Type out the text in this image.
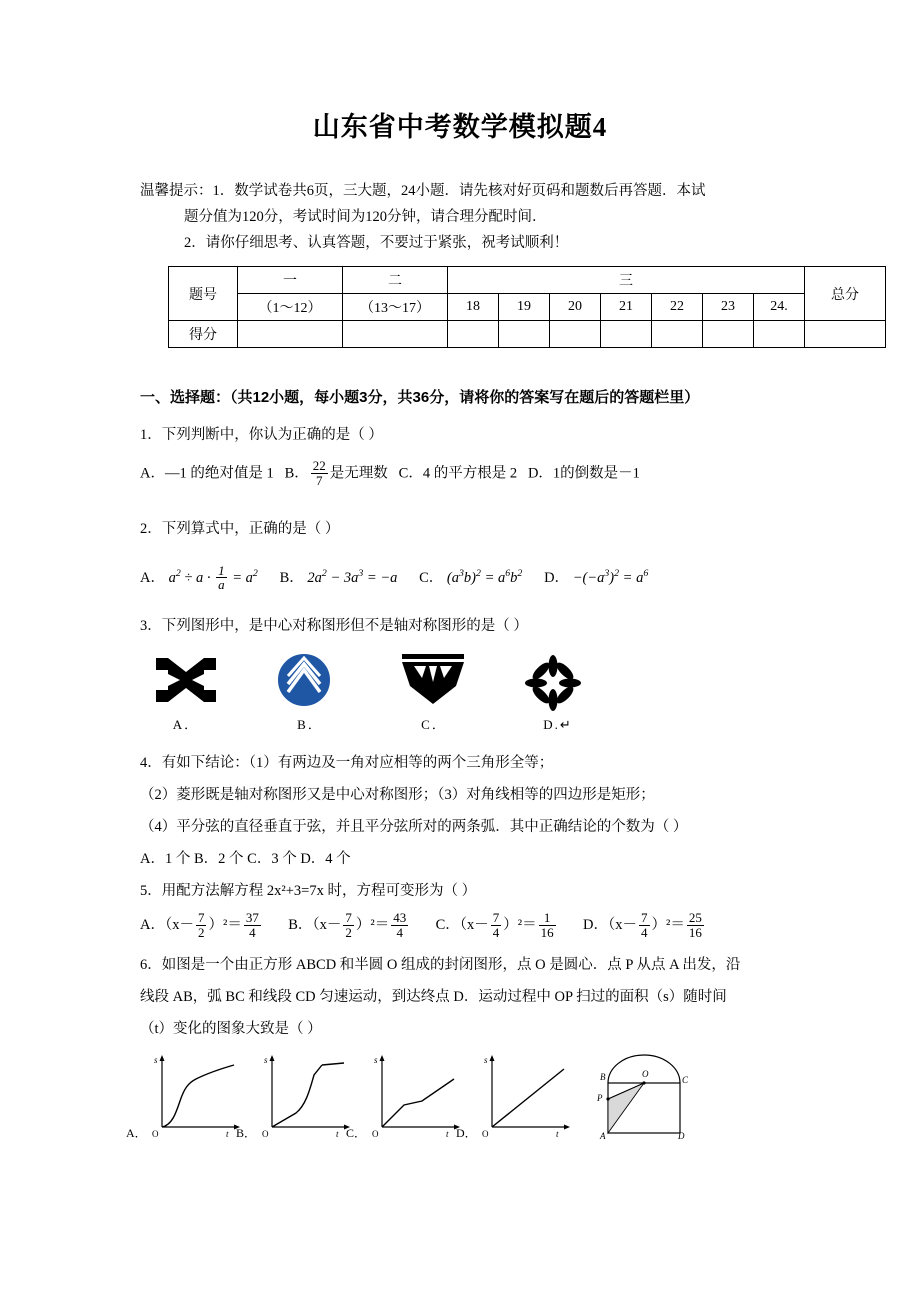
山东省中考数学模拟题4
温馨提示：1．数学试卷共6页，三大题，24小题．请先核对好页码和题数后再答题．本试
题分值为120分，考试时间为120分钟，请合理分配时间．
2．请你仔细思考、认真答题，不要过于紧张，祝考试顺利！
题号	一	二	三							总分
	（1～12）	（13～17）	18	19	20	21	22	23	24.	
得分										
一、选择题：（共12小题，每小题3分，共36分，请将你的答案写在题后的答题栏里）
1．下列判断中，你认为正确的是（ ）
A．—1 的绝对值是 1 B． $\frac{22}{7}$ 是无理数 C．4 的平方根是 2 D．1的倒数是－1
2．下列算式中，正确的是（ ）
A． $a^2 \div a \cdot \frac{1}{a} = a^2$ B． $2a^2 - 3a^3 = -a$ C． $(a^3b)^2 = a^6b^2$ D． $-(-a^3)^2 = a^6$
3．下列图形中，是中心对称图形但不是轴对称图形的是（ ）
A．	B．	C．	D.↵
4．有如下结论：（1）有两边及一角对应相等的两个三角形全等；
（2）菱形既是轴对称图形又是中心对称图形；（3）对角线相等的四边形是矩形；
（4）平分弦的直径垂直于弦，并且平分弦所对的两条弧．其中正确结论的个数为（ ）
A．1 个 B．2 个 C．3 个 D．4 个
5．用配方法解方程 2x²+3=7x 时，方程可变形为（ ）
A．$(x- \frac{7}{2} )^2= \frac{37}{4}$ B．$(x- \frac{7}{2} )^2= \frac{43}{4}$ C．$(x- \frac{7}{4} )^2= \frac{1}{16}$ D．$(x- \frac{7}{4} )^2= \frac{25}{16}$
6．如图是一个由正方形 ABCD 和半圆 O 组成的封闭图形，点 O 是圆心．点 P 从点 A 出发，沿
线段 AB，弧 BC 和线段 CD 匀速运动，到达终点 D．运动过程中 OP 扫过的面积（s）随时间
（t）变化的图象大致是（ ）
s
t
O
A．
s
t
O
B．
s
t
O
C．
s
t
O
D．
B	O
C
P
A	D
